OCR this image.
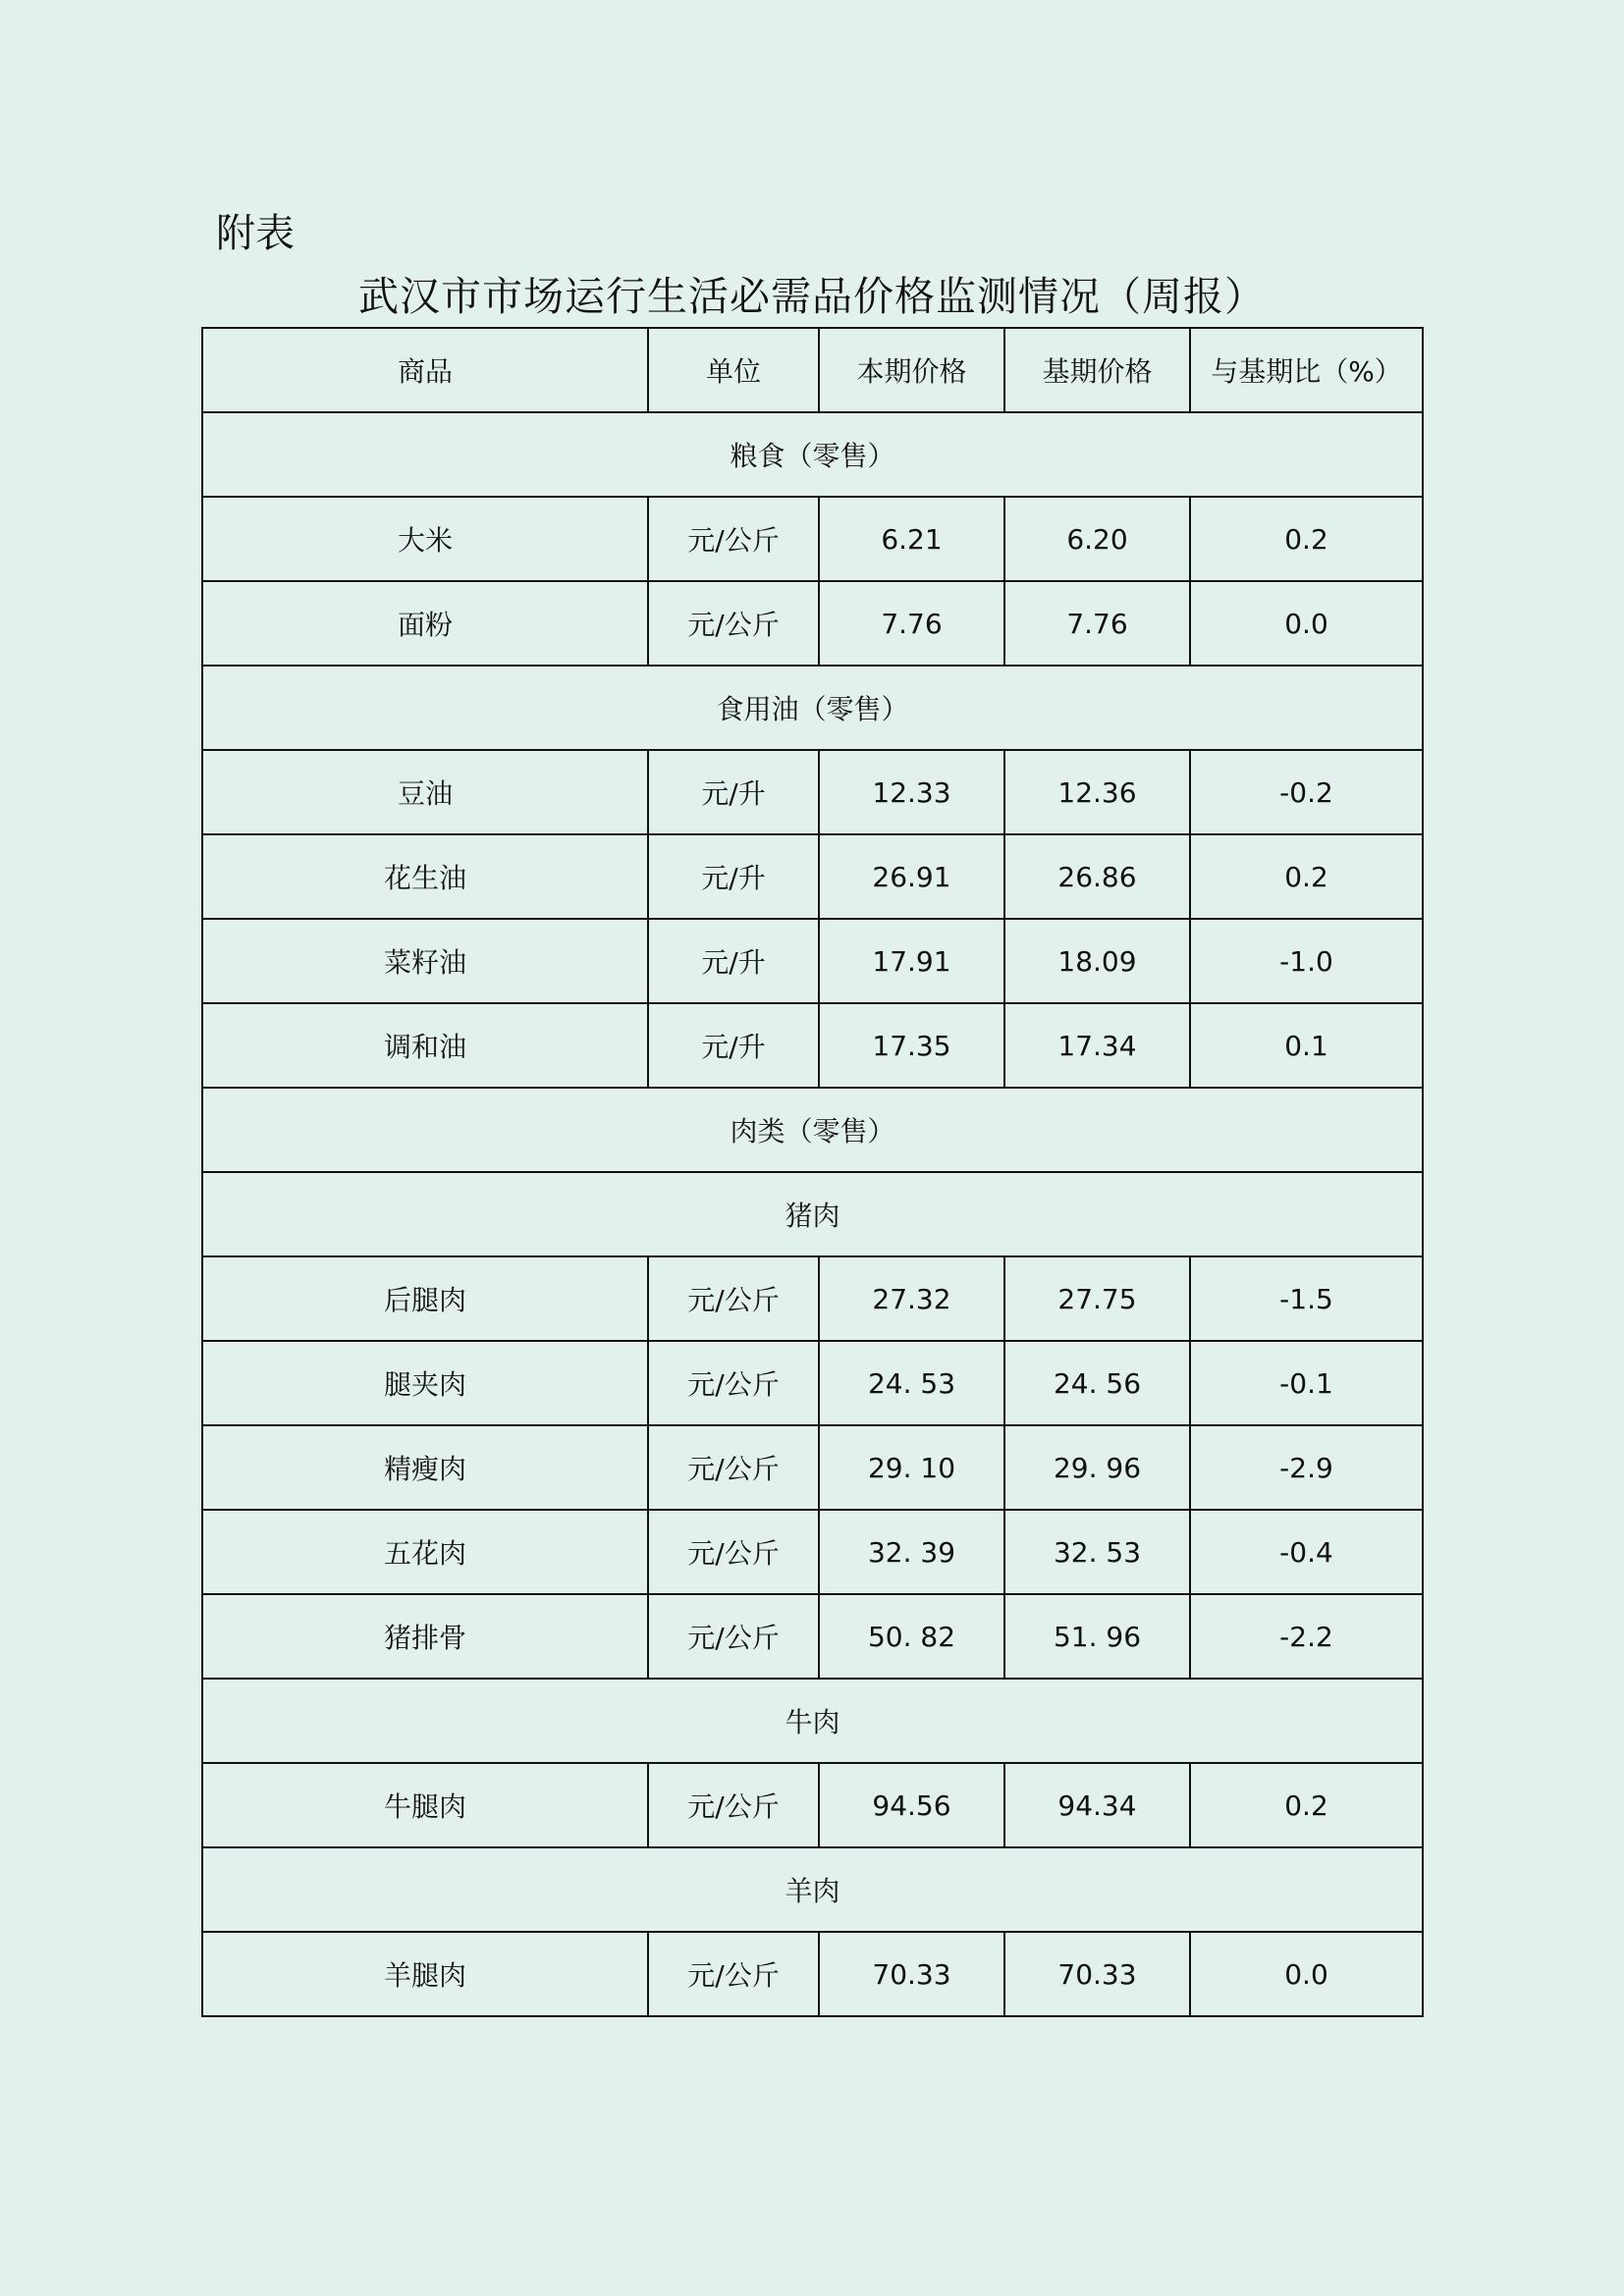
附表
武汉市市场运行生活必需品价格监测情况（周报）
商品	单位	本期价格	基期价格	与基期比（%）
粮食（零售）				
大米	元/公斤	6.21	6.20	0.2
面粉	元/公斤	7.76	7.76	0.0
食用油（零售）				
豆油	元/升	12.33	12.36	-0.2
花生油	元/升	26.91	26.86	0.2
菜籽油	元/升	17.91	18.09	-1.0
调和油	元/升	17.35	17.34	0.1
肉类（零售）				
猪肉				
后腿肉	元/公斤	27.32	27.75	-1.5
腿夹肉	元/公斤	24. 53	24. 56	-0.1
精瘦肉	元/公斤	29. 10	29. 96	-2.9
五花肉	元/公斤	32. 39	32. 53	-0.4
猪排骨	元/公斤	50. 82	51. 96	-2.2
牛肉				
牛腿肉	元/公斤	94.56	94.34	0.2
羊肉				
羊腿肉	元/公斤	70.33	70.33	0.0
